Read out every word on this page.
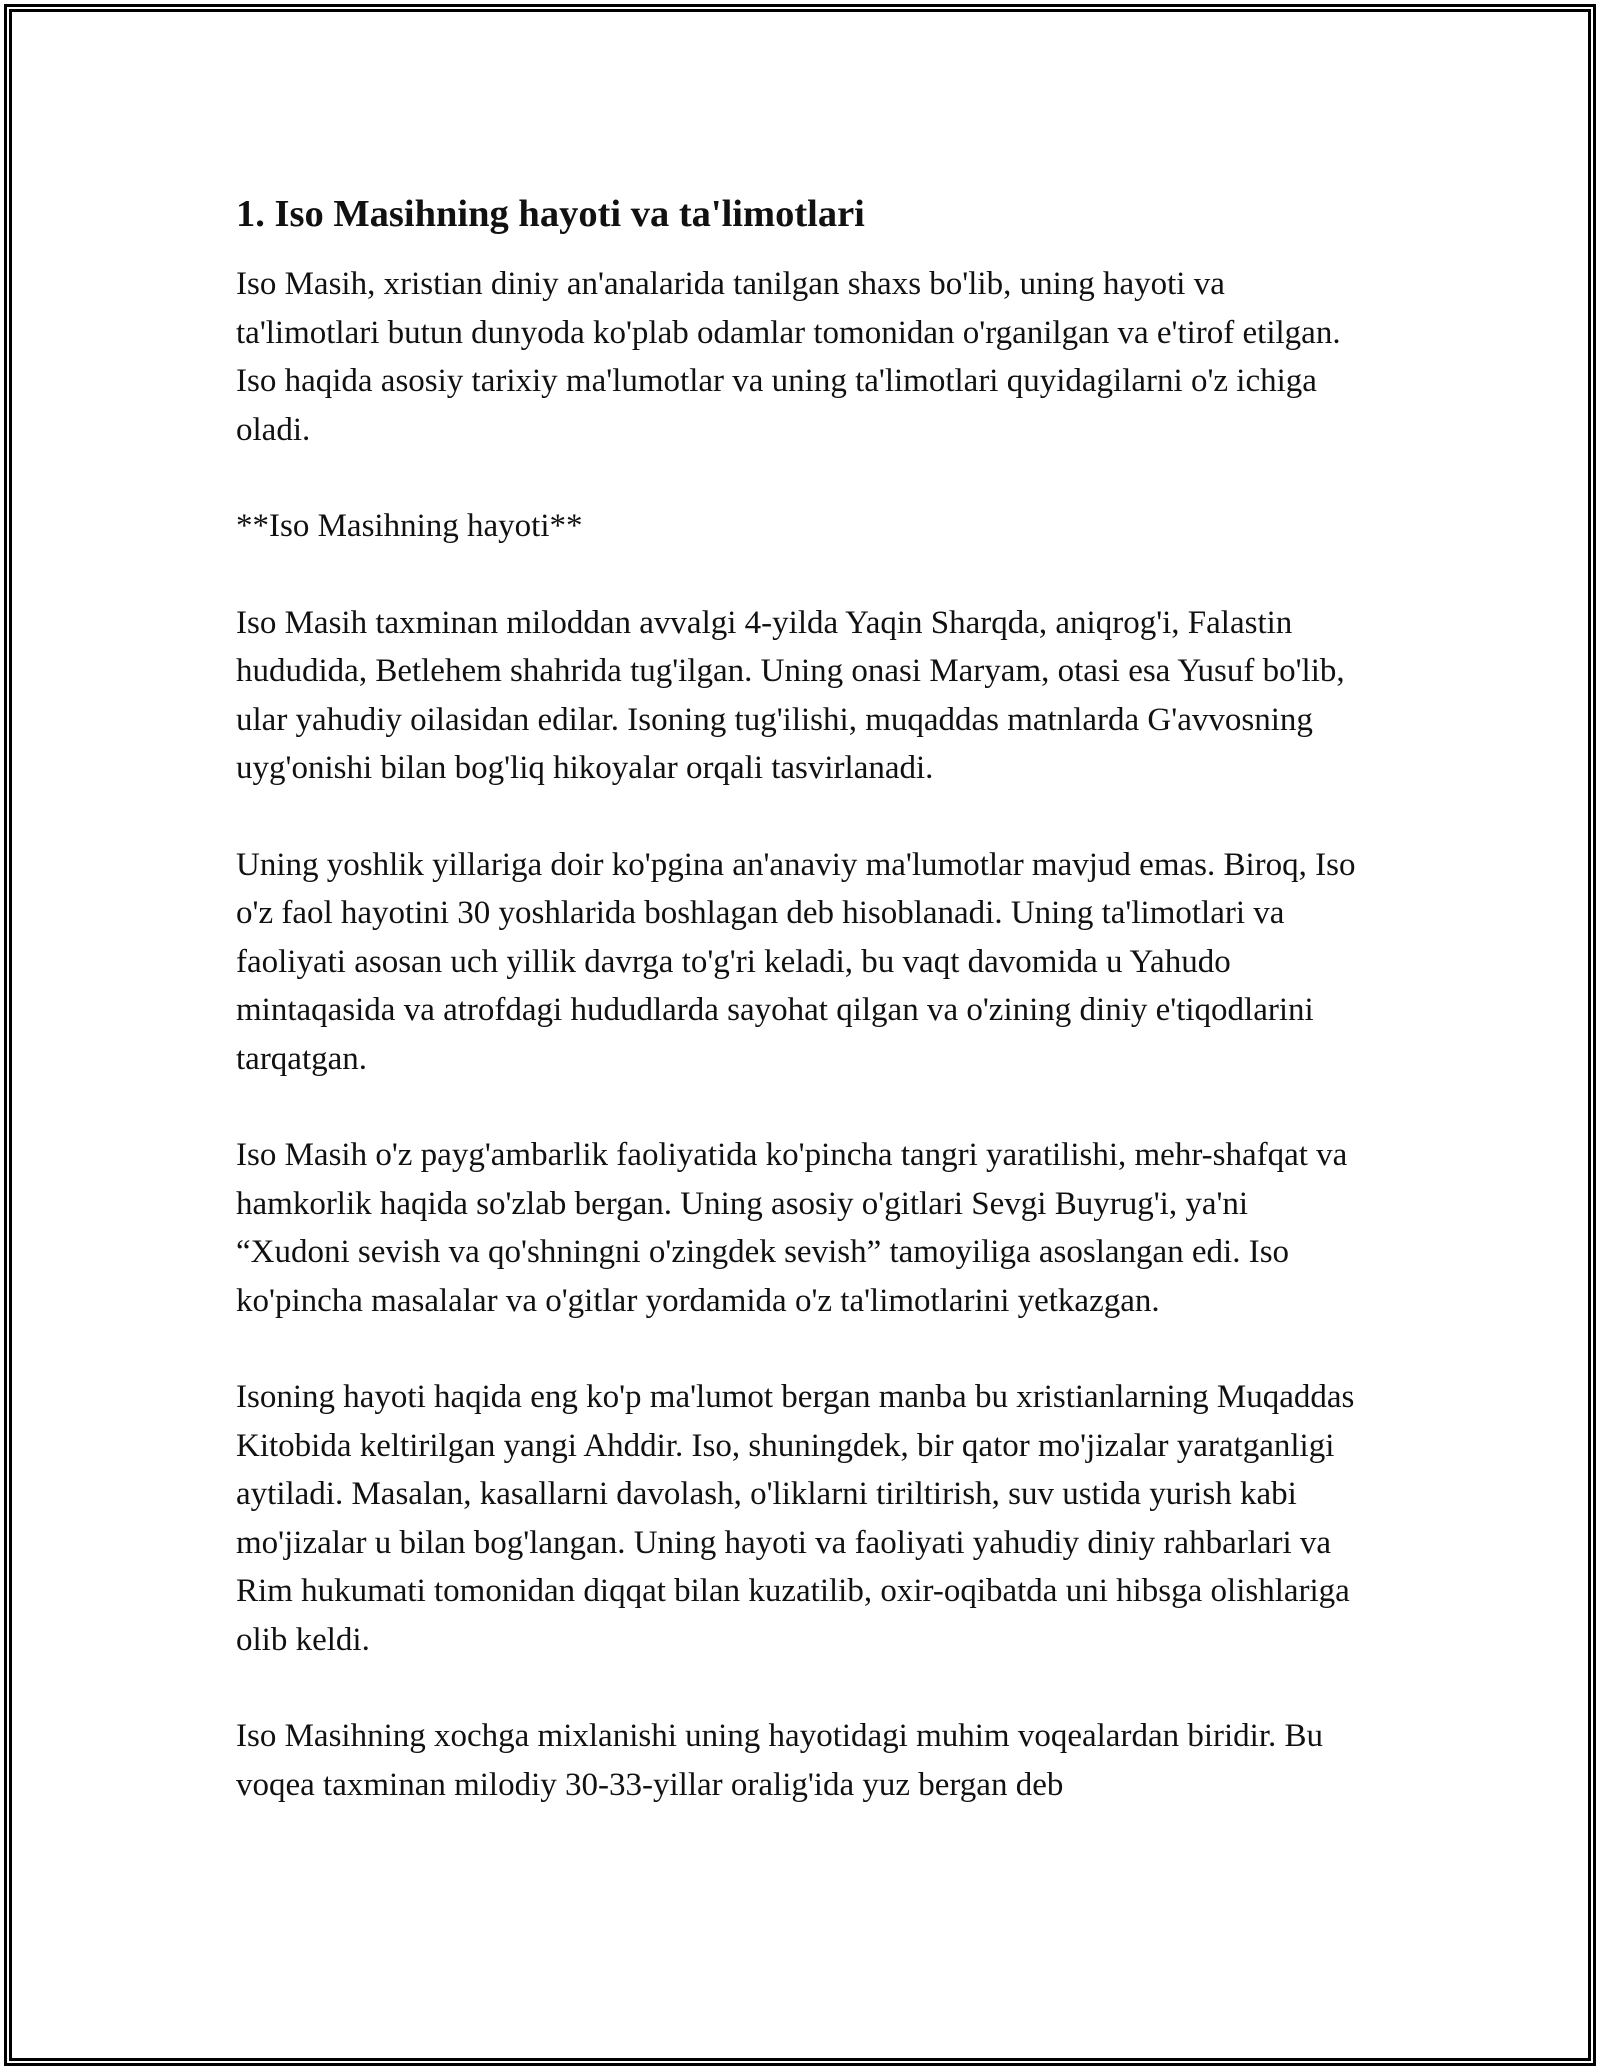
1. Iso Masihning hayoti va ta'limotlari

Iso Masih, xristian diniy an'analarida tanilgan shaxs bo'lib, uning hayoti va ta'limotlari butun dunyoda ko'plab odamlar tomonidan o'rganilgan va e'tirof etilgan. Iso haqida asosiy tarixiy ma'lumotlar va uning ta'limotlari quyidagilarni o'z ichiga oladi.

**Iso Masihning hayoti**

Iso Masih taxminan miloddan avvalgi 4-yilda Yaqin Sharqda, aniqrog'i, Falastin hududida, Betlehem shahrida tug'ilgan. Uning onasi Maryam, otasi esa Yusuf bo'lib, ular yahudiy oilasidan edilar. Isoning tug'ilishi, muqaddas matnlarda G'avvosning uyg'onishi bilan bog'liq hikoyalar orqali tasvirlanadi.

Uning yoshlik yillariga doir ko'pgina an'anaviy ma'lumotlar mavjud emas. Biroq, Iso o'z faol hayotini 30 yoshlarida boshlagan deb hisoblanadi. Uning ta'limotlari va faoliyati asosan uch yillik davrga to'g'ri keladi, bu vaqt davomida u Yahudo mintaqasida va atrofdagi hududlarda sayohat qilgan va o'zining diniy e'tiqodlarini tarqatgan.

Iso Masih o'z payg'ambarlik faoliyatida ko'pincha tangri yaratilishi, mehr-shafqat va hamkorlik haqida so'zlab bergan. Uning asosiy o'gitlari Sevgi Buyrug'i, ya'ni “Xudoni sevish va qo'shningni o'zingdek sevish” tamoyiliga asoslangan edi. Iso ko'pincha masalalar va o'gitlar yordamida o'z ta'limotlarini yetkazgan.

Isoning hayoti haqida eng ko'p ma'lumot bergan manba bu xristianlarning Muqaddas Kitobida keltirilgan yangi Ahddir. Iso, shuningdek, bir qator mo'jizalar yaratganligi aytiladi. Masalan, kasallarni davolash, o'liklarni tiriltirish, suv ustida yurish kabi mo'jizalar u bilan bog'langan. Uning hayoti va faoliyati yahudiy diniy rahbarlari va Rim hukumati tomonidan diqqat bilan kuzatilib, oxir-oqibatda uni hibsga olishlariga olib keldi.

Iso Masihning xochga mixlanishi uning hayotidagi muhim voqealardan biridir. Bu voqea taxminan milodiy 30-33-yillar oralig'ida yuz bergan deb
